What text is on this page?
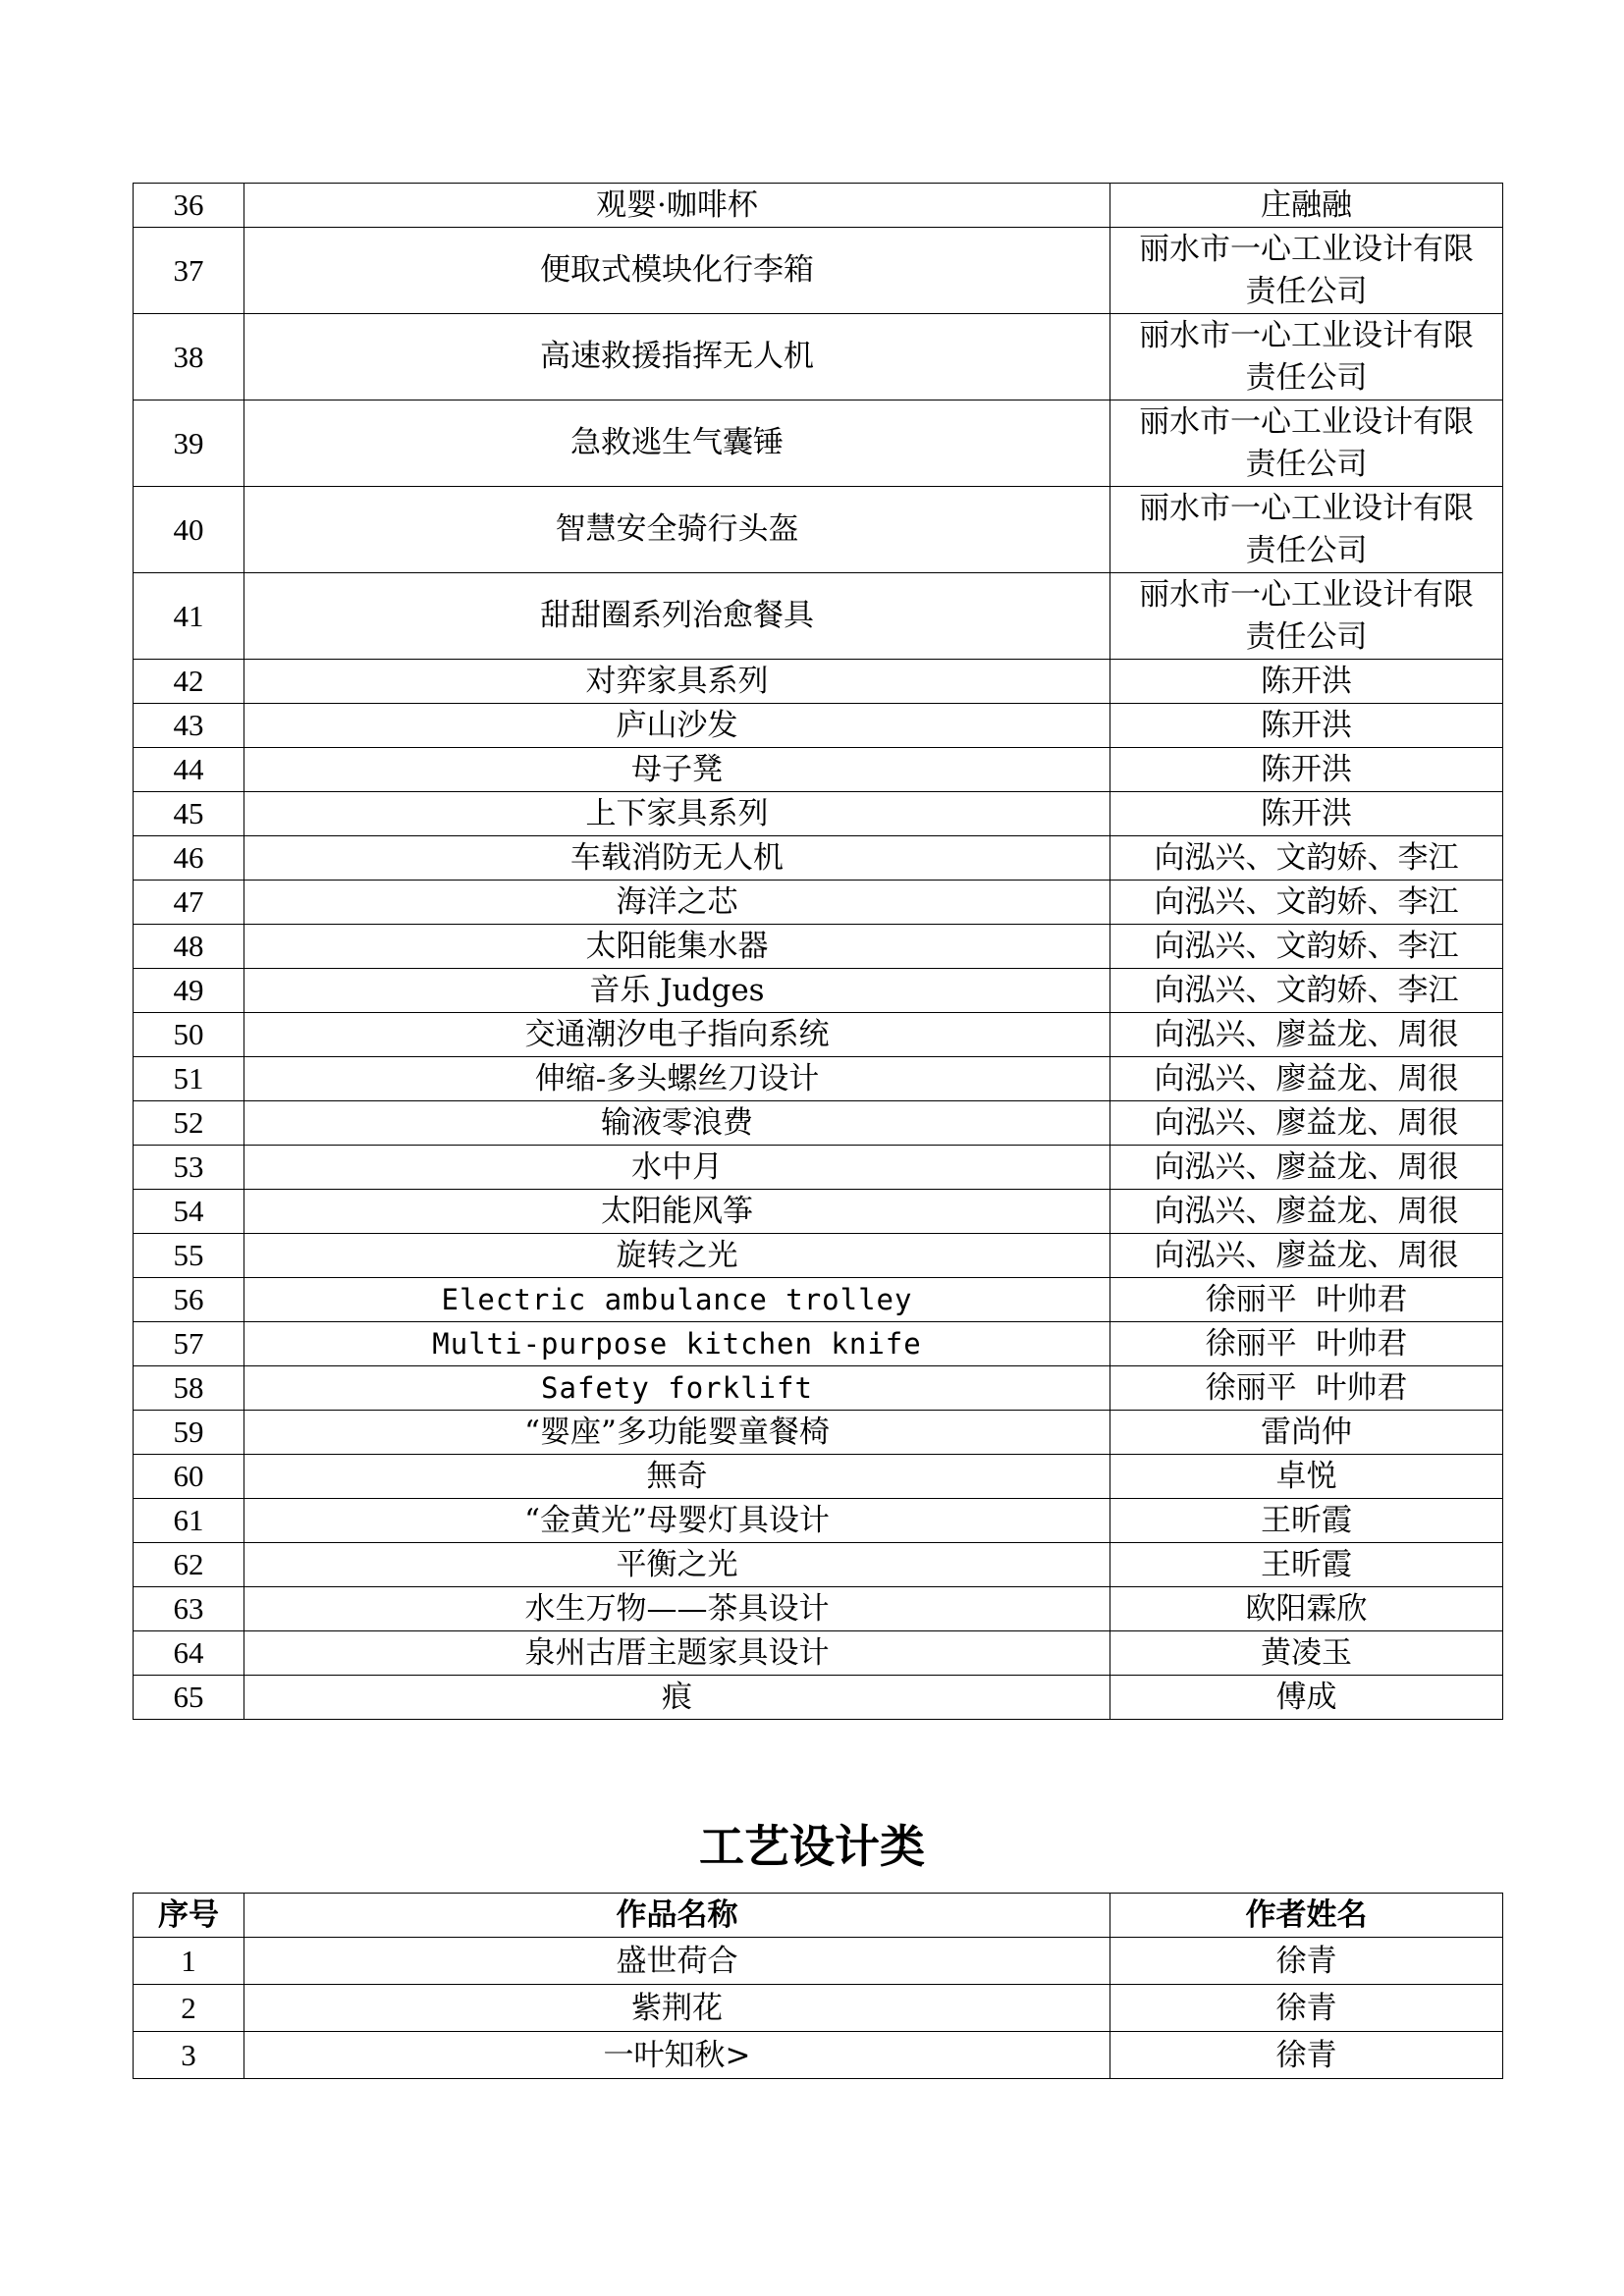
36	观婴·咖啡杯	庄融融
37	便取式模块化行李箱	丽水市一心工业设计有限
责任公司
38	高速救援指挥无人机	丽水市一心工业设计有限
责任公司
39	急救逃生气囊锤	丽水市一心工业设计有限
责任公司
40	智慧安全骑行头盔	丽水市一心工业设计有限
责任公司
41	甜甜圈系列治愈餐具	丽水市一心工业设计有限
责任公司
42	对弈家具系列	陈开洪
43	庐山沙发	陈开洪
44	母子凳	陈开洪
45	上下家具系列	陈开洪
46	车载消防无人机	向泓兴、文韵娇、李江
47	海洋之芯	向泓兴、文韵娇、李江
48	太阳能集水器	向泓兴、文韵娇、李江
49	音乐 Judges	向泓兴、文韵娇、李江
50	交通潮汐电子指向系统	向泓兴、廖益龙、周很
51	伸缩-多头螺丝刀设计	向泓兴、廖益龙、周很
52	输液零浪费	向泓兴、廖益龙、周很
53	水中月	向泓兴、廖益龙、周很
54	太阳能风筝	向泓兴、廖益龙、周很
55	旋转之光	向泓兴、廖益龙、周很
56	Electric ambulance trolley	徐丽平  叶帅君
57	Multi-purpose kitchen knife	徐丽平  叶帅君
58	Safety forklift	徐丽平  叶帅君
59	“婴座”多功能婴童餐椅	雷尚仲
60	無奇	卓悦
61	“金黄光”母婴灯具设计	王昕霞
62	平衡之光	王昕霞
63	水生万物——茶具设计	欧阳霖欣
64	泉州古厝主题家具设计	黄凌玉
65	痕	傅成
工艺设计类
序号	作品名称	作者姓名
1	盛世荷合	徐青
2	紫荆花	徐青
3	一叶知秋>	徐青
